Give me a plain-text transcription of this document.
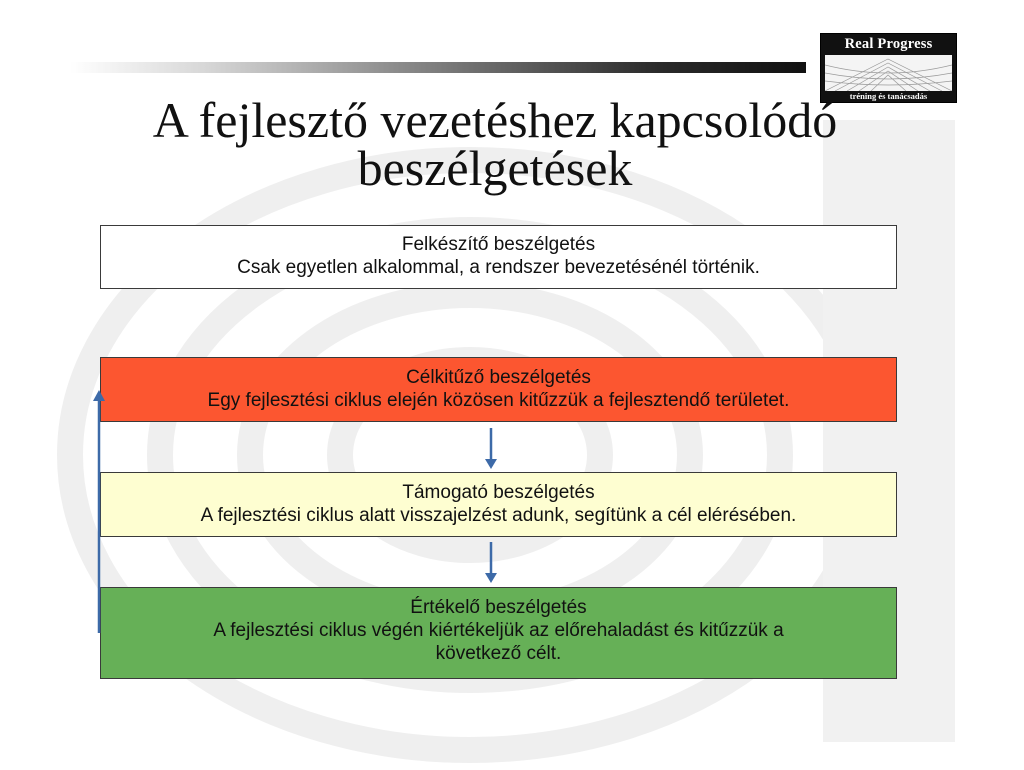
Real Progress
tréning és tanácsadás
A fejlesztő vezetéshez kapcsolódó
beszélgetések
Felkészítő beszélgetés
Csak egyetlen alkalommal, a rendszer bevezetésénél történik.
Célkitűző beszélgetés
Egy fejlesztési ciklus elején közösen kitűzzük a fejlesztendő területet.
Támogató beszélgetés
A fejlesztési ciklus alatt visszajelzést adunk, segítünk a cél elérésében.
Értékelő beszélgetés
A fejlesztési ciklus végén kiértékeljük az előrehaladást és kitűzzük a
következő célt.
